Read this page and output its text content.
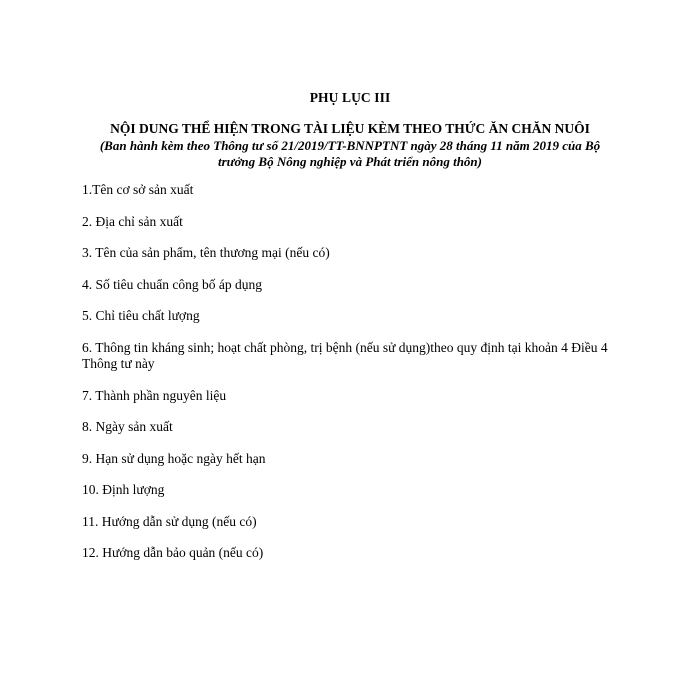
PHỤ LỤC III
NỘI DUNG THỂ HIỆN TRONG TÀI LIỆU KÈM THEO THỨC ĂN CHĂN NUÔI
(Ban hành kèm theo Thông tư số 21/2019/TT-BNNPTNT ngày 28 tháng 11 năm 2019 của Bộ trưởng Bộ Nông nghiệp và Phát triển nông thôn)
1.Tên cơ sở sản xuất
2. Địa chỉ sản xuất
3. Tên của sản phẩm, tên thương mại (nếu có)
4. Số tiêu chuẩn công bố áp dụng
5. Chỉ tiêu chất lượng
6. Thông tin kháng sinh; hoạt chất phòng, trị bệnh (nếu sử dụng)theo quy định tại khoản 4 Điều 4 Thông tư này
7. Thành phần nguyên liệu
8. Ngày sản xuất
9. Hạn sử dụng hoặc ngày hết hạn
10. Định lượng
11. Hướng dẫn sử dụng (nếu có)
12. Hướng dẫn bảo quản (nếu có)
